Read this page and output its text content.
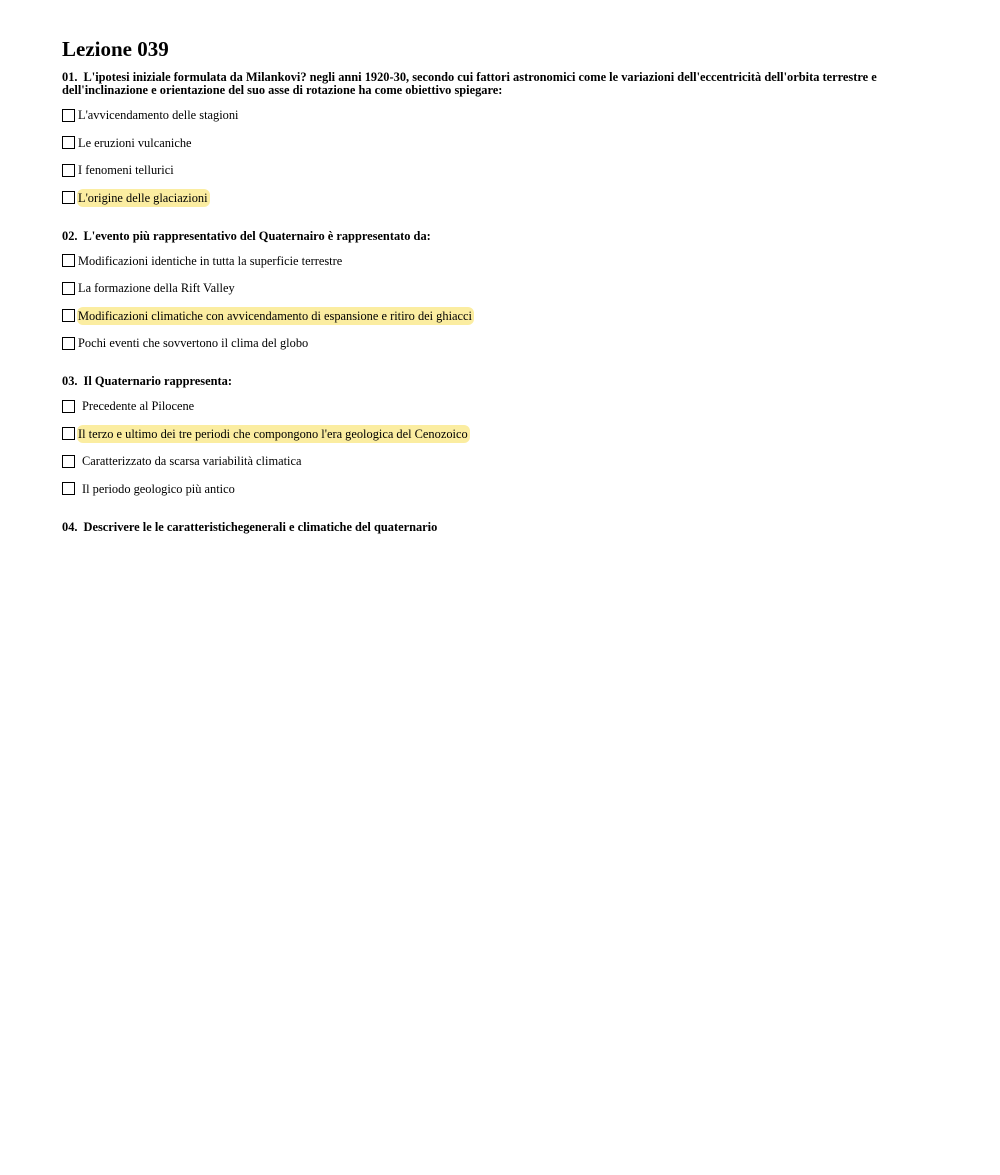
Lezione 039

01. L'ipotesi iniziale formulata da Milankovi? negli anni 1920-30, secondo cui fattori astronomici come le variazioni dell'eccentricità dell'orbita terrestre e dell'inclinazione e orientazione del suo asse di rotazione ha come obiettivo spiegare:

L'avvicendamento delle stagioni
Le eruzioni vulcaniche
I fenomeni tellurici
L'origine delle glaciazioni

02. L'evento più rappresentativo del Quaternairo è rappresentato da:

Modificazioni identiche in tutta la superficie terrestre
La formazione della Rift Valley
Modificazioni climatiche con avvicendamento di espansione e ritiro dei ghiacci
Pochi eventi che sovvertono il clima del globo

03. Il Quaternario rappresenta:

Precedente al Pilocene
Il terzo e ultimo dei tre periodi che compongono l'era geologica del Cenozoico
Caratterizzato da scarsa variabilità climatica
Il periodo geologico più antico

04. Descrivere le le caratteristichegenerali e climatiche del quaternario
